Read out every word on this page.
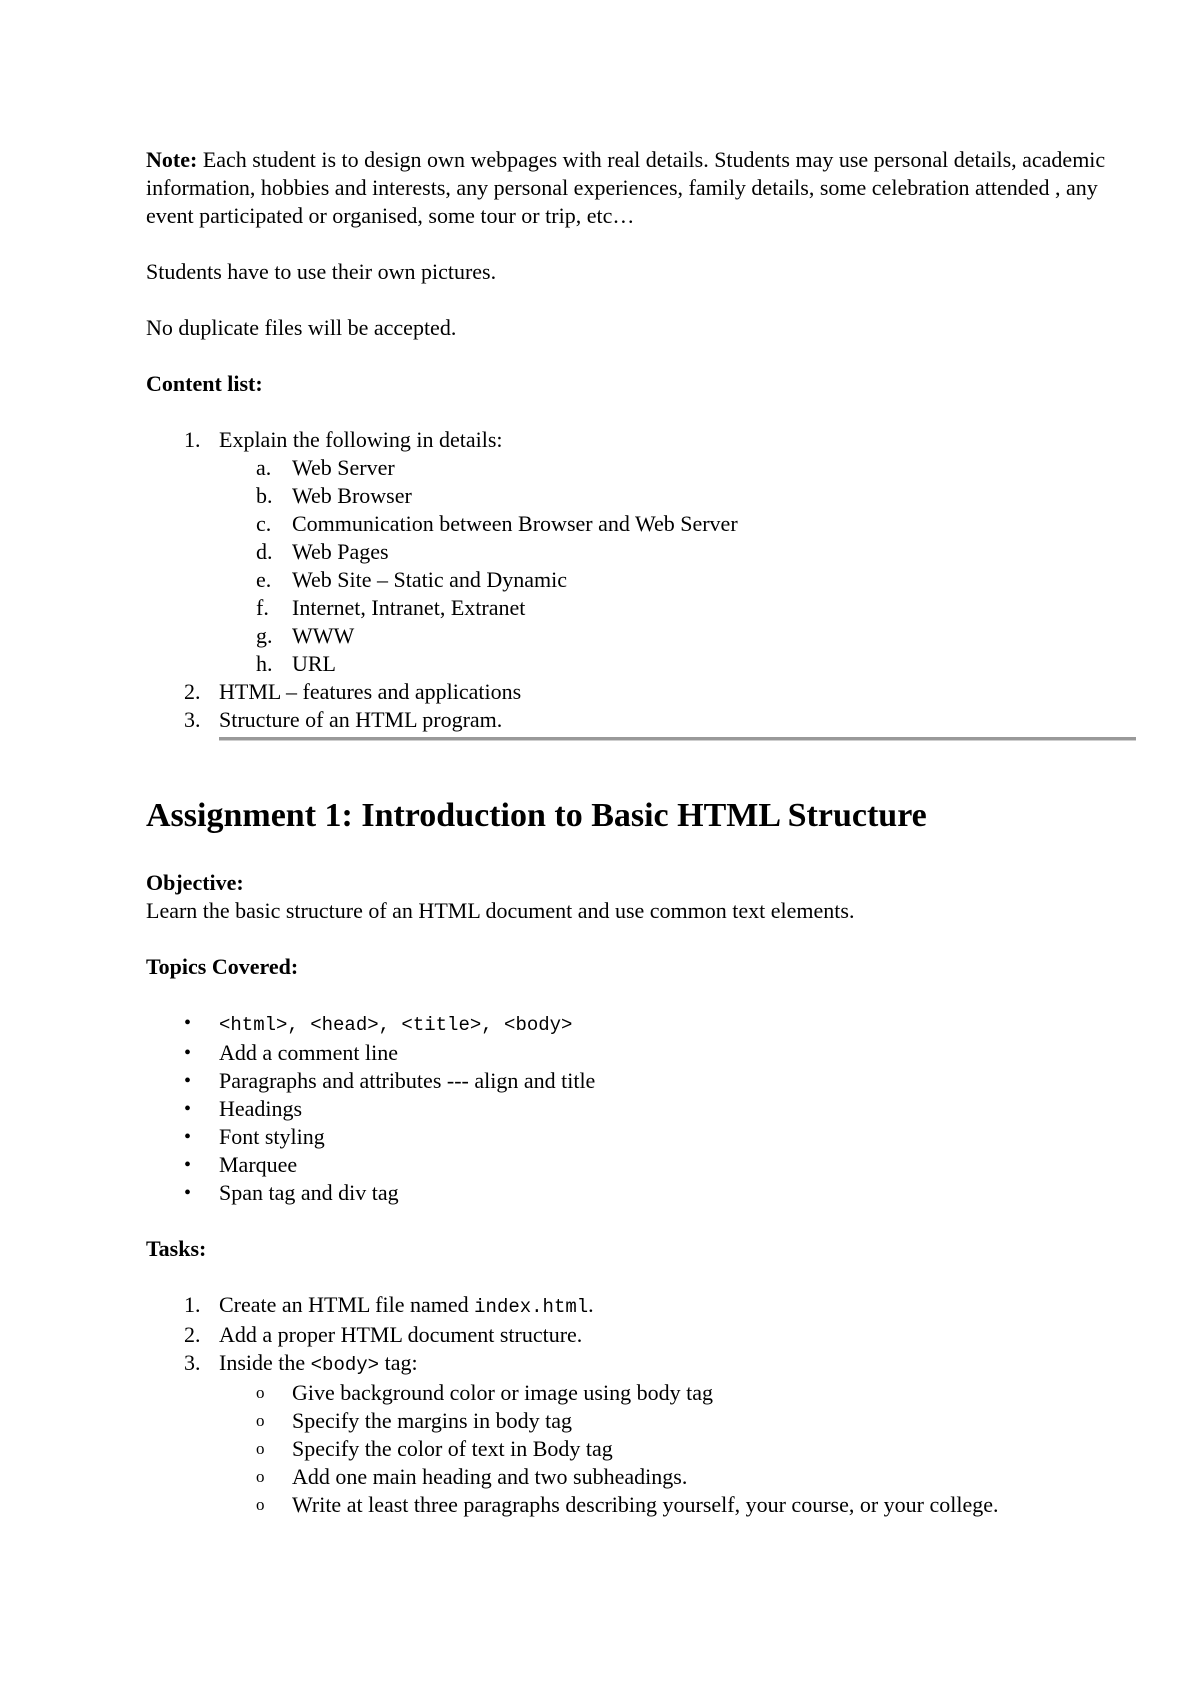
Note: Each student is to design own webpages with real details. Students may use personal details, academic information, hobbies and interests, any personal experiences, family details, some celebration attended , any event participated or organised, some tour or trip, etc…

Students have to use their own pictures.

No duplicate files will be accepted.

Content list:

1. Explain the following in details:
a. Web Server
b. Web Browser
c. Communication between Browser and Web Server
d. Web Pages
e. Web Site – Static and Dynamic
f.	Internet, Intranet, Extranet
g. WWW
h. URL
2. HTML – features and applications
3. Structure of an HTML program.
Assignment 1: Introduction to Basic HTML Structure

Objective:

Learn the basic structure of an HTML document and use common text elements.

Topics Covered:

• <html>, <head>, <title>, <body>
• Add a comment line
• Paragraphs and attributes --- align and title
• Headings
• Font styling
• Marquee
• Span tag and div tag

Tasks:

1. Create an HTML file named index.html.
2. Add a proper HTML document structure.
3. Inside the <body> tag:
o Give background color or image using body tag
o Specify the margins in body tag
o Specify the color of text in Body tag
o Add one main heading and two subheadings.
o Write at least three paragraphs describing yourself, your course, or your college.
